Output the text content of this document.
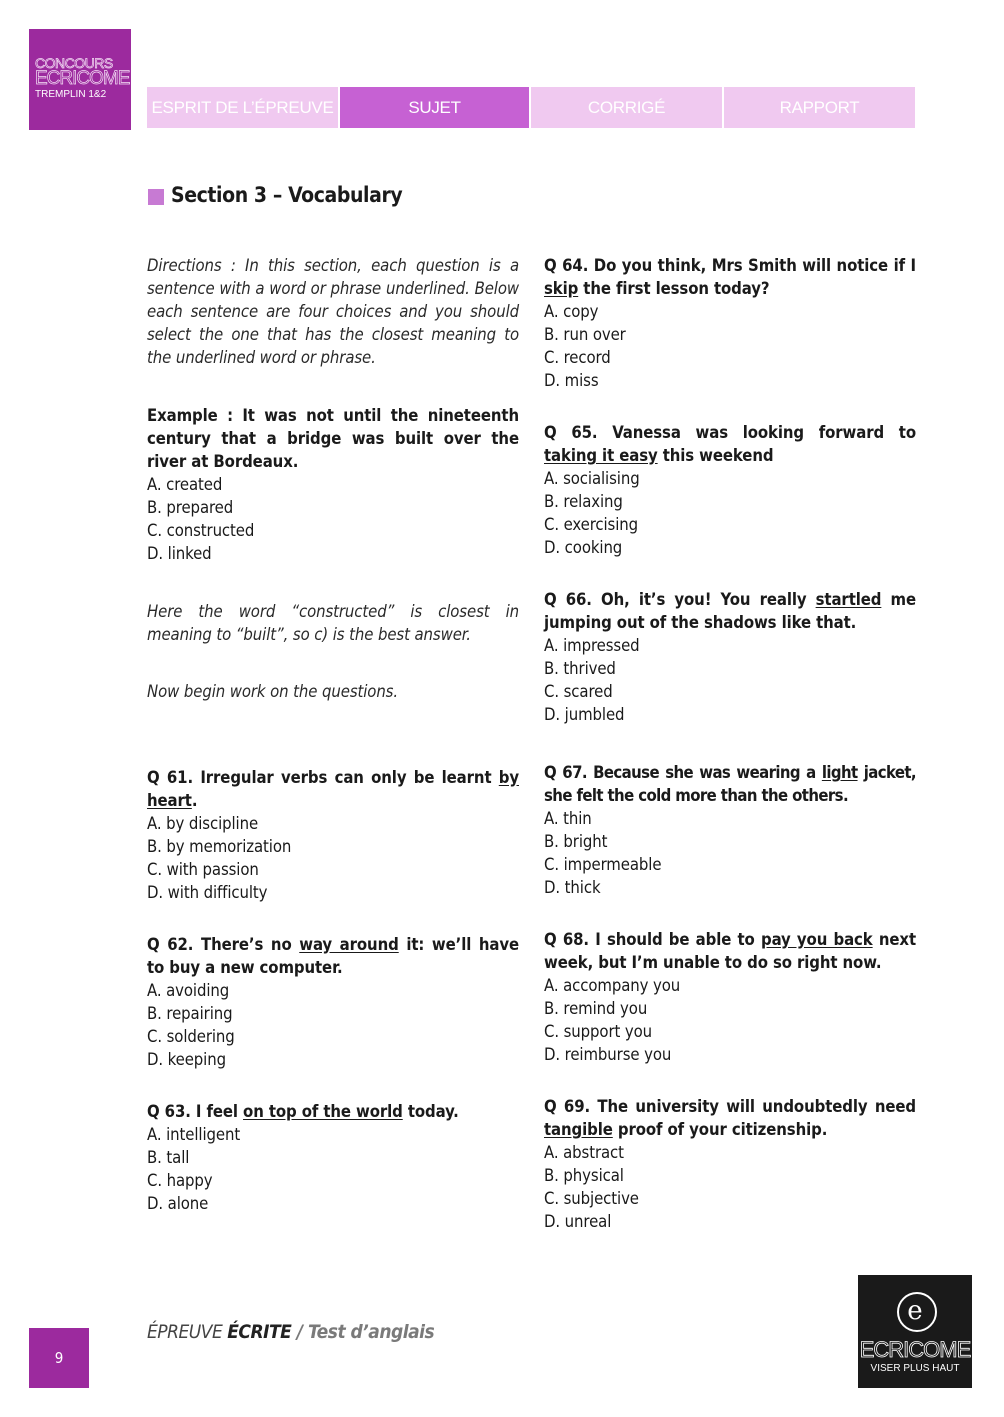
CONCOURS
ECRICOME
TREMPLIN 1&2
ESPRIT DE L’ÉPREUVE	SUJET	CORRIGÉ	RAPPORT
Section 3 – Vocabulary

Directions : In this section, each question is a sentence with a word or phrase underlined. Below each sentence are four choices and you should select the one that has the closest meaning to the underlined word or phrase.

Example : It was not until the nineteenth century that a bridge was built over the river at Bordeaux.

A. created

B. prepared

C. constructed

D. linked

Here the word “constructed” is closest in meaning to “built”, so c) is the best answer.

Now begin work on the questions.

Q 61. Irregular verbs can only be learnt by heart.

A. by discipline

B. by memorization

C. with passion

D. with difficulty

Q 62. There’s no way around it: we’ll have to buy a new computer.

A. avoiding

B. repairing

C. soldering

D. keeping

Q 63. I feel on top of the world today.

A. intelligent

B. tall

C. happy

D. alone

Q 64. Do you think, Mrs Smith will notice if I skip the first lesson today?

A. copy

B. run over

C. record

D. miss

Q 65. Vanessa was looking forward to taking it easy this weekend

A. socialising

B. relaxing

C. exercising

D. cooking

Q 66. Oh, it’s you! You really startled me jumping out of the shadows like that.

A. impressed

B. thrived

C. scared

D. jumbled

Q 67. Because she was wearing a light jacket, she felt the cold more than the others.

A. thin

B. bright

C. impermeable

D. thick

Q 68. I should be able to pay you back next week, but I’m unable to do so right now.

A. accompany you

B. remind you

C. support you

D. reimburse you

Q 69. The university will undoubtedly need tangible proof of your citizenship.

A. abstract

B. physical

C. subjective

D. unreal

9
ÉPREUVE ÉCRITE / Test d’anglais
e
ECRICOME
VISER PLUS HAUT
